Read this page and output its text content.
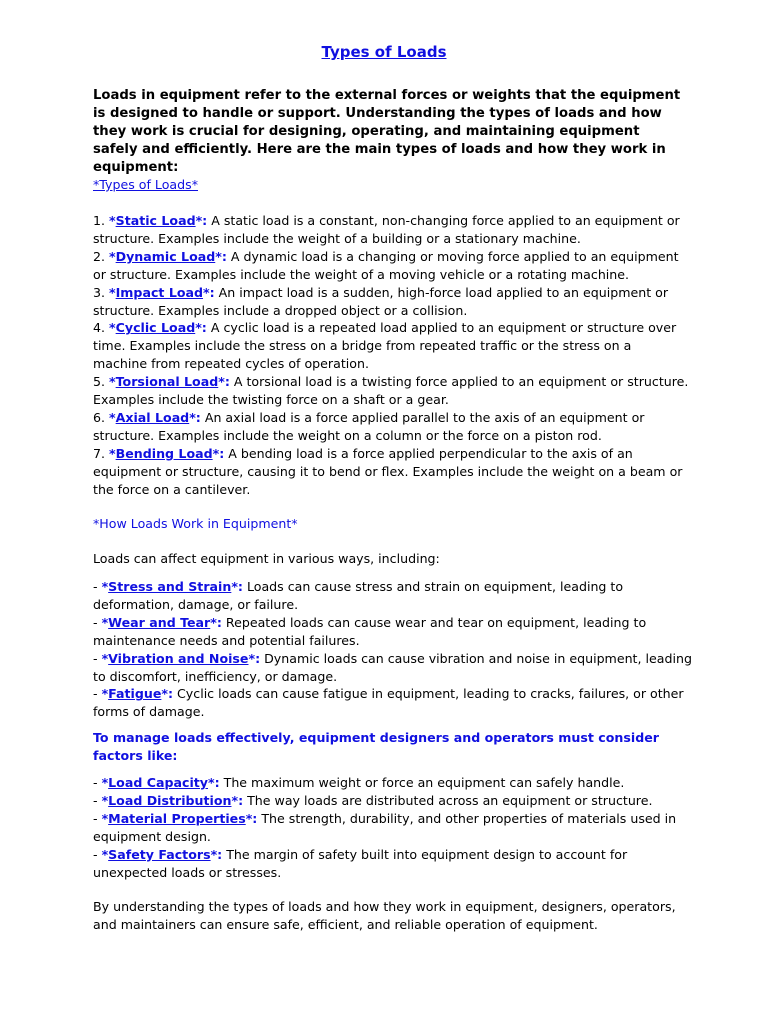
Types of Loads
Loads in equipment refer to the external forces or weights that the equipment is designed to handle or support. Understanding the types of loads and how they work is crucial for designing, operating, and maintaining equipment safely and efficiently. Here are the main types of loads and how they work in equipment:
*Types of Loads*
1. *Static Load*: A static load is a constant, non-changing force applied to an equipment or
structure. Examples include the weight of a building or a stationary machine.
2. *Dynamic Load*: A dynamic load is a changing or moving force applied to an equipment
or structure. Examples include the weight of a moving vehicle or a rotating machine.
3. *Impact Load*: An impact load is a sudden, high-force load applied to an equipment or
structure. Examples include a dropped object or a collision.
4. *Cyclic Load*: A cyclic load is a repeated load applied to an equipment or structure over
time. Examples include the stress on a bridge from repeated traffic or the stress on a
machine from repeated cycles of operation.
5. *Torsional Load*: A torsional load is a twisting force applied to an equipment or structure.
Examples include the twisting force on a shaft or a gear.
6. *Axial Load*: An axial load is a force applied parallel to the axis of an equipment or
structure. Examples include the weight on a column or the force on a piston rod.
7. *Bending Load*: A bending load is a force applied perpendicular to the axis of an
equipment or structure, causing it to bend or flex. Examples include the weight on a beam or
the force on a cantilever.
*How Loads Work in Equipment*
Loads can affect equipment in various ways, including:
- *Stress and Strain*: Loads can cause stress and strain on equipment, leading to
deformation, damage, or failure.
- *Wear and Tear*: Repeated loads can cause wear and tear on equipment, leading to
maintenance needs and potential failures.
- *Vibration and Noise*: Dynamic loads can cause vibration and noise in equipment, leading
to discomfort, inefficiency, or damage.
- *Fatigue*: Cyclic loads can cause fatigue in equipment, leading to cracks, failures, or other
forms of damage.
To manage loads effectively, equipment designers and operators must consider factors like:
- *Load Capacity*: The maximum weight or force an equipment can safely handle.
- *Load Distribution*: The way loads are distributed across an equipment or structure.
- *Material Properties*: The strength, durability, and other properties of materials used in
equipment design.
- *Safety Factors*: The margin of safety built into equipment design to account for
unexpected loads or stresses.
By understanding the types of loads and how they work in equipment, designers, operators,
and maintainers can ensure safe, efficient, and reliable operation of equipment.
